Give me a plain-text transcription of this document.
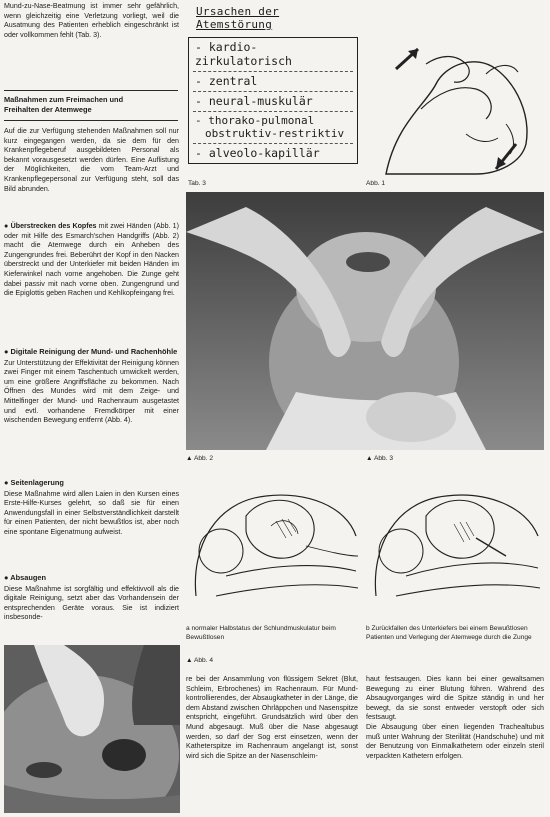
Mund-zu-Nase-Beatmung ist immer sehr gefährlich, wenn gleichzeitig eine Verletzung vorliegt, weil die Ausatmung des Patienten erheblich eingeschränkt ist oder vollkommen fehlt (Tab. 3).
Maßnahmen zum Freimachen und Freihalten der Atemwege
Auf die zur Verfügung stehenden Maßnahmen soll nur kurz eingegangen werden, da sie dem für den Krankenpflegeberuf ausgebildeten Personal als bekannt vorausgesetzt werden dürfen. Eine Auflistung der Möglichkeiten, die vom Team-Arzt und Krankenpflegepersonal zur Verfügung steht, soll das Bild abrunden.
● Überstrecken des Kopfes mit zwei Händen (Abb. 1) oder mit Hilfe des Esmarch'schen Handgriffs (Abb. 2) macht die Atemwege durch ein Anheben des Zungengrundes frei. Beberührt der Kopf in den Nacken überstreckt und der Unterkiefer mit beiden Händen im Kieferwinkel nach vorne angehoben. Die Zunge geht dabei passiv mit nach vorne oben. Zungengrund und die Epiglottis geben Rachen und Kehlkopfeingang frei.
● Digitale Reinigung der Mund- und Rachenhöhle
Zur Unterstützung der Effektivität der Reinigung können zwei Finger mit einem Taschentuch umwickelt werden, um eine größere Angriffsfläche zu bekommen. Nach Öffnen des Mundes wird mit dem Zeige- und Mittelfinger der Mund- und Rachenraum ausgetastet und evtl. vorhandene Fremdkörper mit einer wischenden Bewegung entfernt (Abb. 4).
● Seitenlagerung
Diese Maßnahme wird allen Laien in den Kursen eines Erste-Hilfe-Kurses gelehrt, so daß sie für einen Anwendungsfall in einer Selbstverständlichkeit darstellt für einen Patienten, der nicht bewußtlos ist, aber noch eine spontane Eigenatmung aufweist.
● Absaugen
Diese Maßnahme ist sorgfältig und effektivvoll als die digitale Reinigung, setzt aber das Vorhandensein der entsprechenden Geräte voraus. Sie ist indiziert insbesonde-
Ursachen der Atemstörung
- kardio-zirkulatorisch
- zentral
- neural-muskulär
- thorako-pulmonal
obstruktiv-restriktiv
- alveolo-kapillär
Tab. 3	Abb. 1
▲ Abb. 2	▲ Abb. 3
a normaler Halbstatus der Schlundmuskulatur beim Bewußtlosen
b Zurückfallen des Unterkiefers bei einem Bewußtlosen Patienten und Verlegung der Atemwege durch die Zunge
▲ Abb. 4
re bei der Ansammlung von flüssigem Sekret (Blut, Schleim, Erbrochenes) im Rachenraum. Für Mund-kontrollierendes, der Absaugkatheter in der Länge, die dem Abstand zwischen Ohrläppchen und Nasenspitze entspricht, eingeführt. Grundsätzlich wird über den Mund abgesaugt. Muß über die Nase abgesaugt werden, so darf der Sog erst einsetzen, wenn der Katheterspitze im Rachenraum angelangt ist, sonst wird sich die Spitze an der Nasenschleim-
haut festsaugen. Dies kann bei einer gewaltsamen Bewegung zu einer Blutung führen. Während des Absaugvorganges wird die Spitze ständig in und her bewegt, da sie sonst entweder verstopft oder sich festsaugt.
Die Absaugung über einen liegenden Trachealtubus muß unter Wahrung der Sterilität (Handschuhe) und mit der Benutzung von Einmalkathetern oder einzeln steril verpackten Kathetern erfolgen.
